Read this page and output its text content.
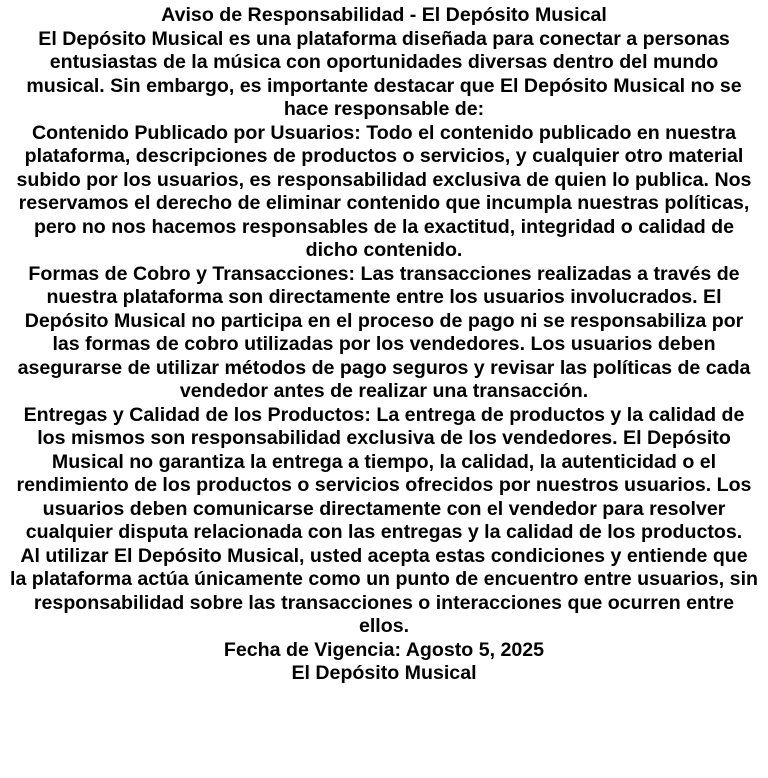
Aviso de Responsabilidad - El Depósito Musical

El Depósito Musical es una plataforma diseñada para conectar a personas entusiastas de la música con oportunidades diversas dentro del mundo musical. Sin embargo, es importante destacar que El Depósito Musical no se hace responsable de:

Contenido Publicado por Usuarios: Todo el contenido publicado en nuestra plataforma, descripciones de productos o servicios, y cualquier otro material subido por los usuarios, es responsabilidad exclusiva de quien lo publica. Nos reservamos el derecho de eliminar contenido que incumpla nuestras políticas, pero no nos hacemos responsables de la exactitud, integridad o calidad de dicho contenido.

Formas de Cobro y Transacciones: Las transacciones realizadas a través de nuestra plataforma son directamente entre los usuarios involucrados. El Depósito Musical no participa en el proceso de pago ni se responsabiliza por las formas de cobro utilizadas por los vendedores. Los usuarios deben asegurarse de utilizar métodos de pago seguros y revisar las políticas de cada vendedor antes de realizar una transacción.

Entregas y Calidad de los Productos: La entrega de productos y la calidad de los mismos son responsabilidad exclusiva de los vendedores. El Depósito Musical no garantiza la entrega a tiempo, la calidad, la autenticidad o el rendimiento de los productos o servicios ofrecidos por nuestros usuarios. Los usuarios deben comunicarse directamente con el vendedor para resolver cualquier disputa relacionada con las entregas y la calidad de los productos.

Al utilizar El Depósito Musical, usted acepta estas condiciones y entiende que la plataforma actúa únicamente como un punto de encuentro entre usuarios, sin responsabilidad sobre las transacciones o interacciones que ocurren entre ellos.

Fecha de Vigencia: Agosto 5, 2025

El Depósito Musical
